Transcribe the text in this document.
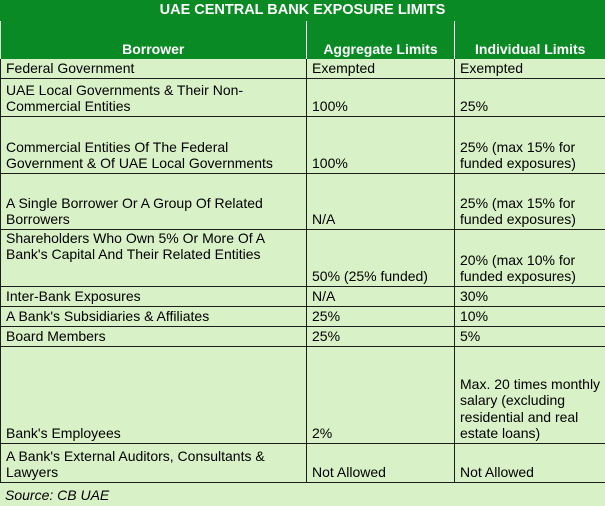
UAE CENTRAL BANK EXPOSURE LIMITS
Borrower	Aggregate Limits	Individual Limits
Federal Government	Exempted	Exempted
UAE Local Governments & Their Non-Commercial Entities	100%	25%
Commercial Entities Of The Federal Government & Of UAE Local Governments	100%	25% (max 15% for funded exposures)
A Single Borrower Or A Group Of Related Borrowers	N/A	25% (max 15% for funded exposures)
Shareholders Who Own 5% Or More Of A Bank's Capital And Their Related Entities	50% (25% funded)	20% (max 10% for funded exposures)
Inter-Bank Exposures	N/A	30%
A Bank's Subsidiaries & Affiliates	25%	10%
Board Members	25%	5%
Bank's Employees	2%	Max. 20 times monthly salary (excluding residential and real estate loans)
A Bank's External Auditors, Consultants & Lawyers	Not Allowed	Not Allowed
Source: CB UAE
